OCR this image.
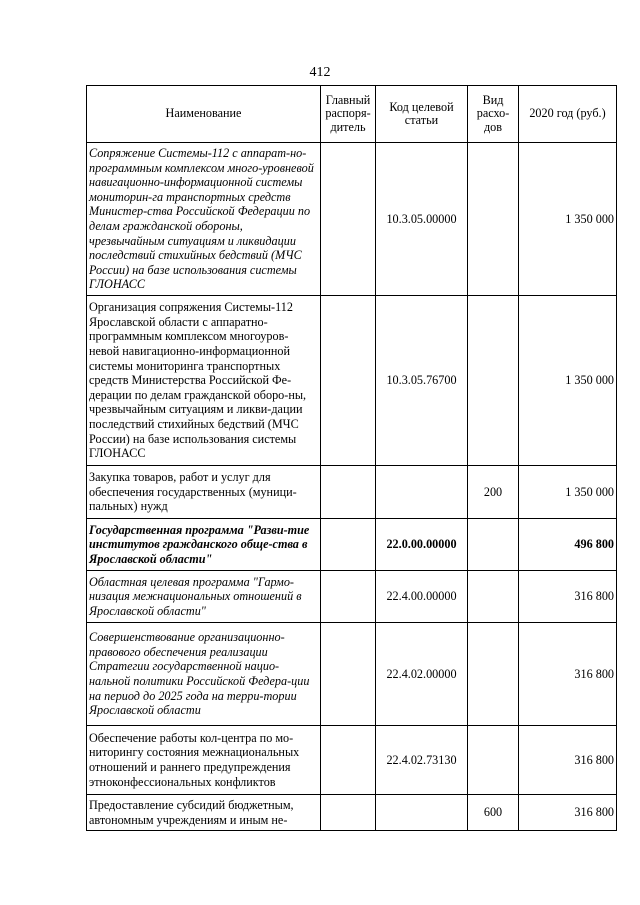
412
Наименование	Главный распоря-дитель	Код целевой статьи	Вид расхо-дов	2020 год (руб.)
Сопряжение Системы-112 с аппарат-но-программным комплексом много-уровневой навигационно-информационной системы мониторин-га транспортных средств Министер-ства Российской Федерации по делам гражданской обороны, чрезвычайным ситуациям и ликвидации последствий стихийных бедствий (МЧС России) на базе использования системы ГЛОНАСС		10.3.05.00000		1 350 000
Организация сопряжения Системы-112 Ярославской области с аппаратно-программным комплексом многоуров-невой навигационно-информационной системы мониторинга транспортных средств Министерства Российской Фе-дерации по делам гражданской оборо-ны, чрезвычайным ситуациям и ликви-дации последствий стихийных бедствий (МЧС России) на базе использования системы ГЛОНАСС		10.3.05.76700		1 350 000
Закупка товаров, работ и услуг для обеспечения государственных (муници-пальных) нужд			200	1 350 000
Государственная программа "Разви-тие институтов гражданского обще-ства в Ярославской области"		22.0.00.00000		496 800
Областная целевая программа "Гармо-низация межнациональных отношений в Ярославской области"		22.4.00.00000		316 800
Совершенствование организационно-правового обеспечения реализации Стратегии государственной нацио-нальной политики Российской Федера-ции на период до 2025 года на терри-тории Ярославской области		22.4.02.00000		316 800
Обеспечение работы кол-центра по мо-ниторингу состояния межнациональных отношений и раннего предупреждения этноконфессиональных конфликтов		22.4.02.73130		316 800
Предоставление субсидий бюджетным, автономным учреждениям и иным не-			600	316 800
